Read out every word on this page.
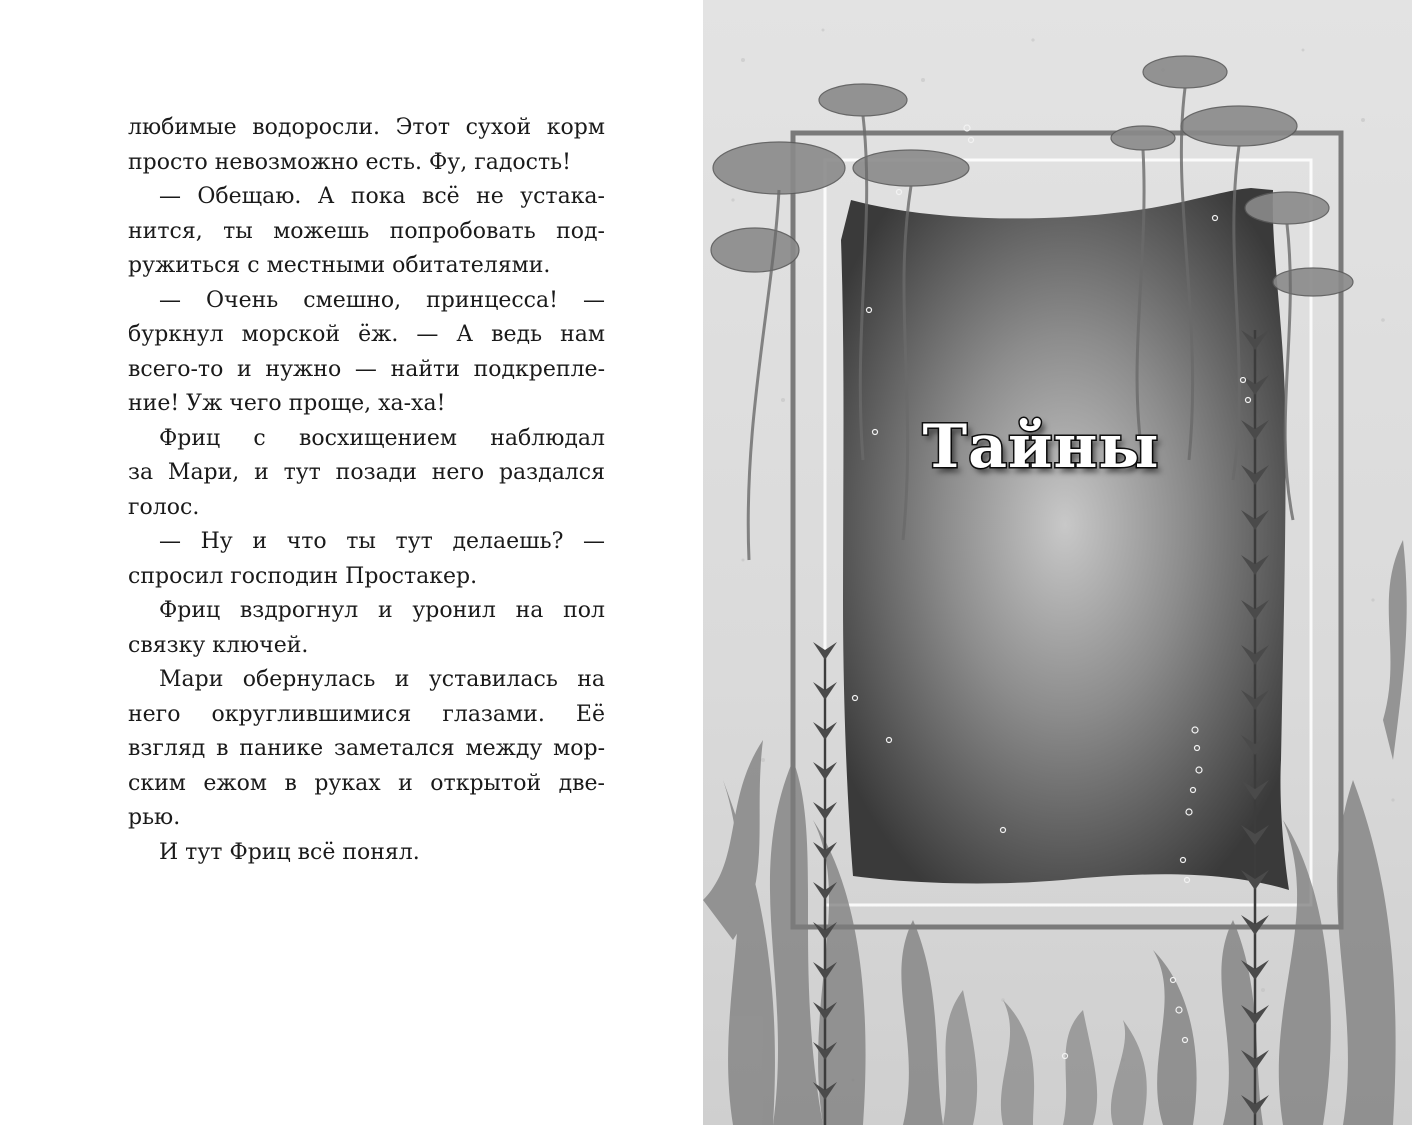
любимые водоросли. Этот сухой корм
просто невозможно есть. Фу, гадость!
— Обещаю. А пока всё не устака-
нится, ты можешь попробовать под-
ружиться с местными обитателями.
— Очень смешно, принцесса! —
буркнул морской ёж. — А ведь нам
всего-то и нужно — найти подкрепле-
ние! Уж чего проще, ха-ха!
Фриц с восхищением наблюдал
за Мари, и тут позади него раздался
голос.
— Ну и что ты тут делаешь? —
спросил господин Простакер.
Фриц вздрогнул и уронил на пол
связку ключей.
Мари обернулась и уставилась на
него округлившимися глазами. Её
взгляд в панике заметался между мор-
ским ежом в руках и открытой две-
рью.
И тут Фриц всё понял.
Тайны
